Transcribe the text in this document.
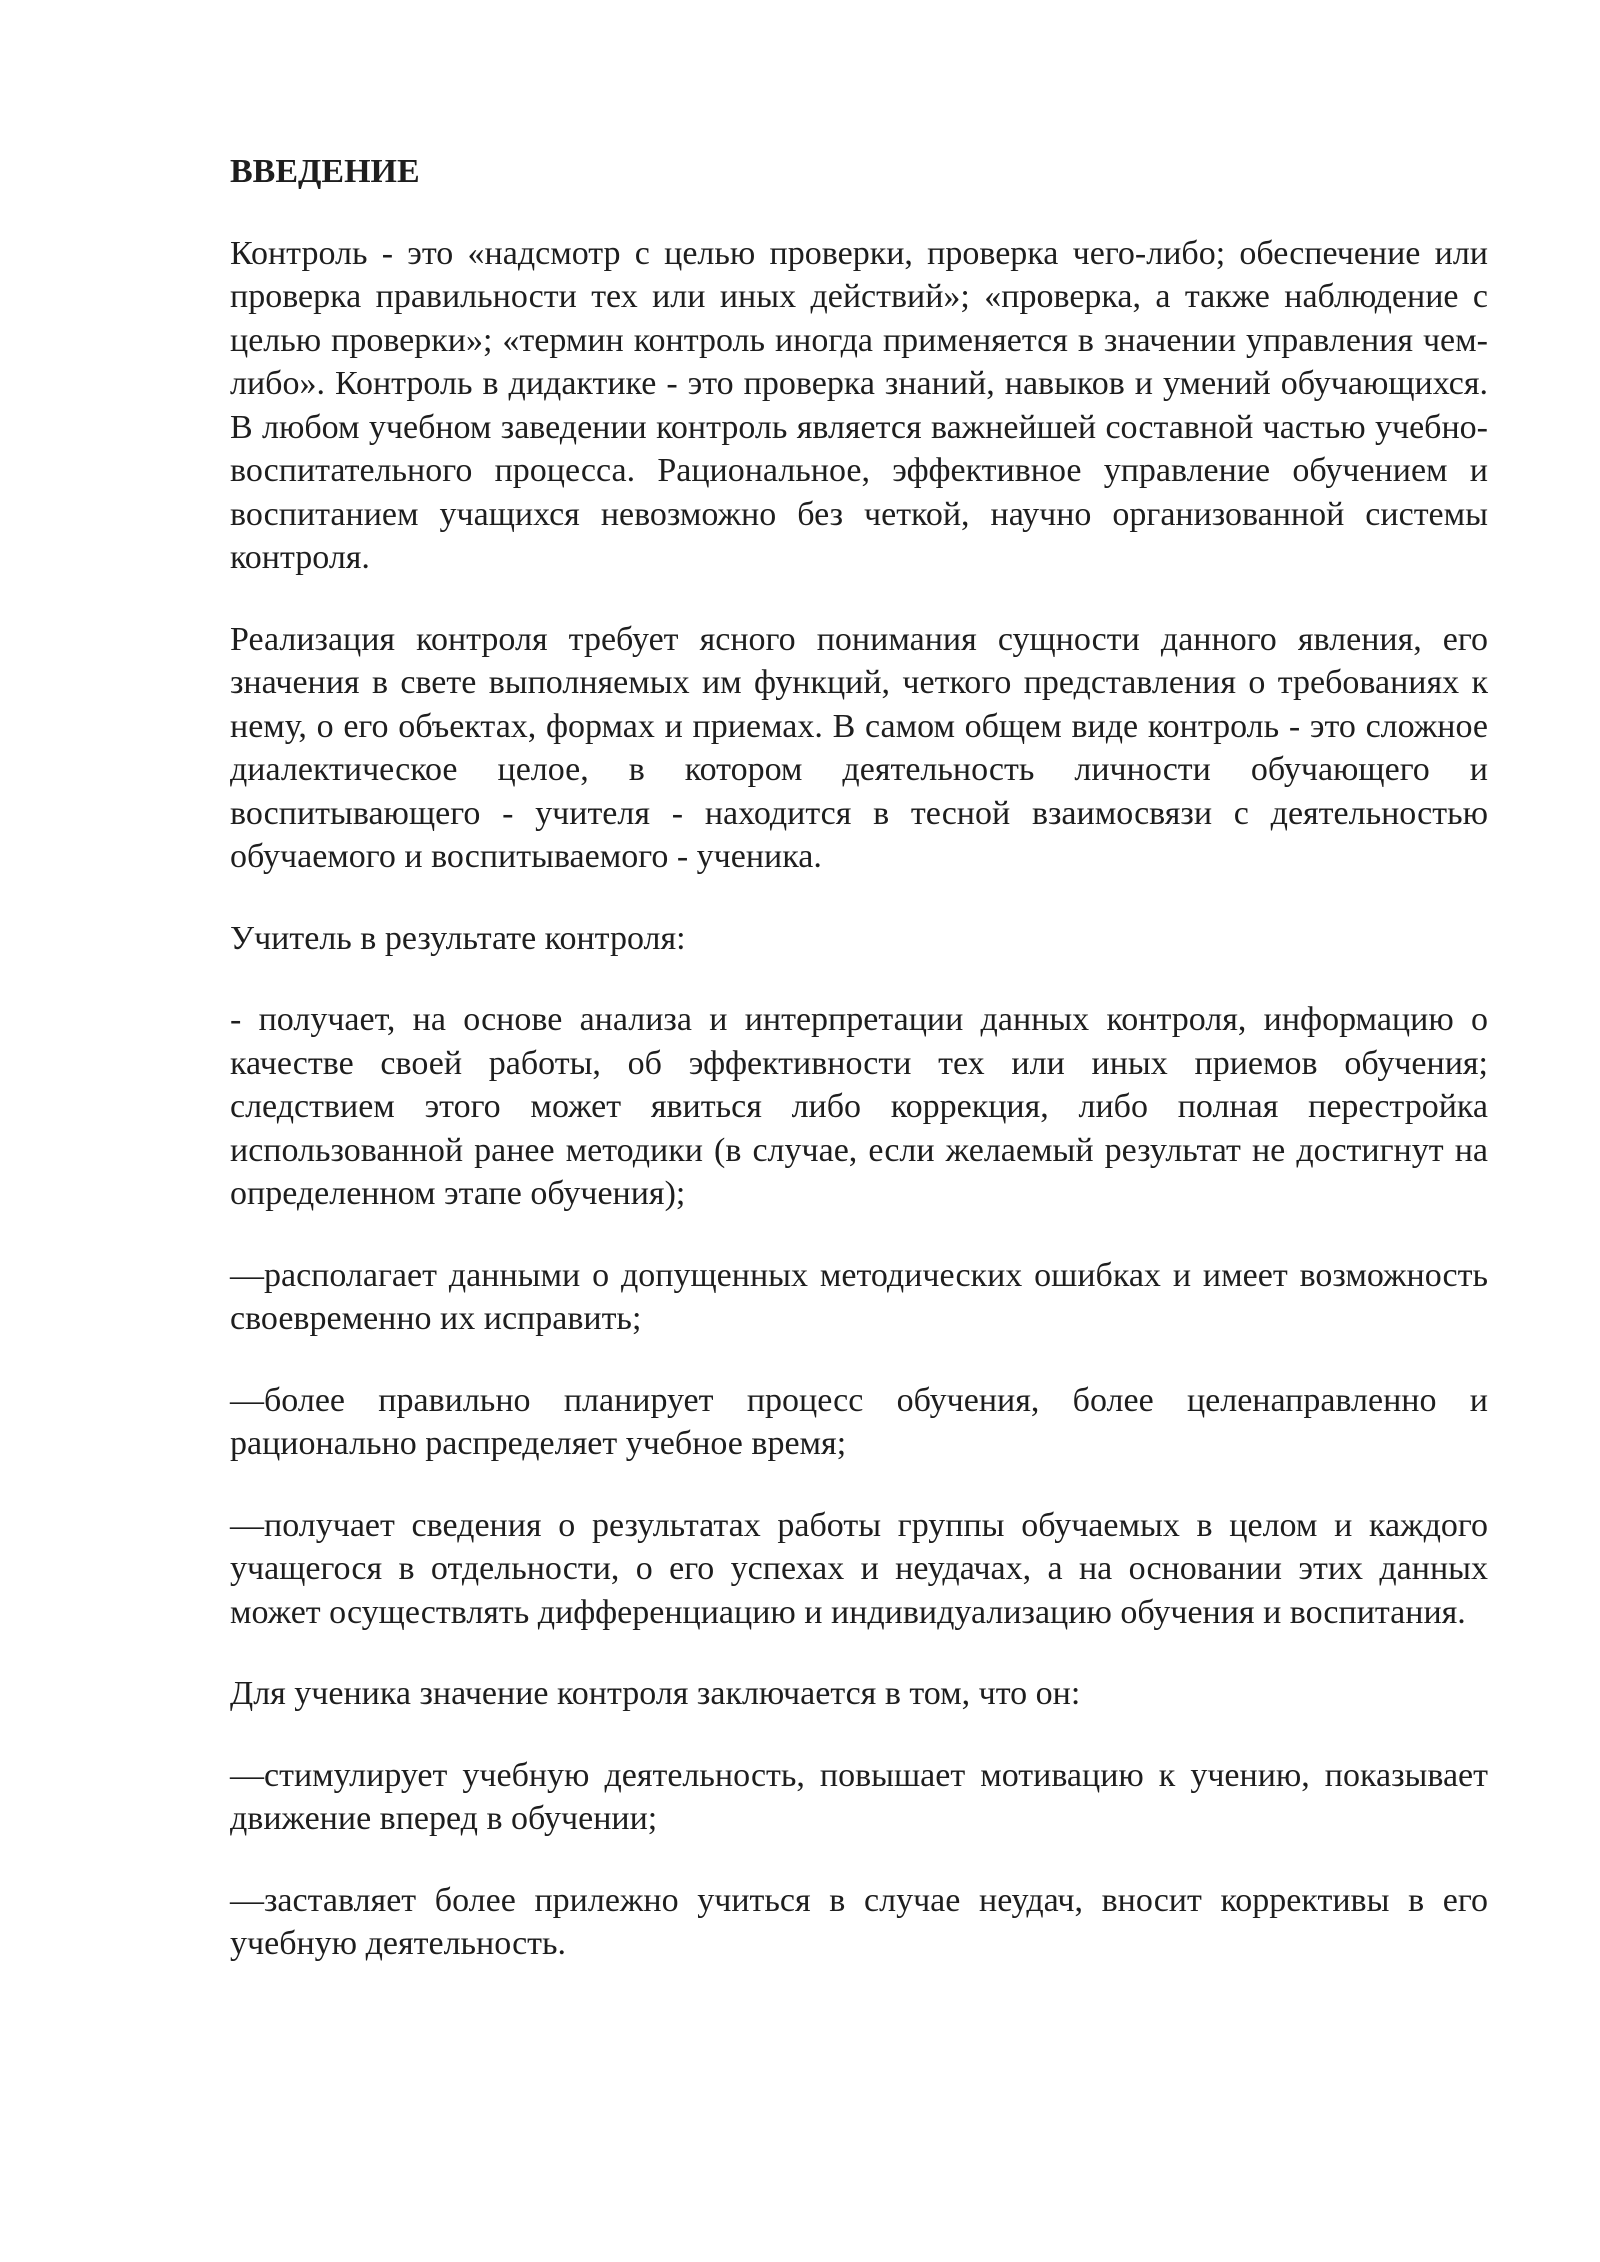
ВВЕДЕНИЕ

Контроль - это «надсмотр с целью проверки, проверка чего-либо; обеспечение или проверка правильности тех или иных действий»; «проверка, а также наблюдение с целью проверки»; «термин контроль иногда применяется в значении управления чем-либо». Контроль в дидактике - это проверка знаний, навыков и умений обучающихся. В любом учебном заведении контроль является важнейшей составной частью учебно-воспитательного процесса. Рациональное, эффективное управление обучением и воспитанием учащихся невозможно без четкой, научно организованной системы контроля.

Реализация контроля требует ясного понимания сущности данного явления, его значения в свете выполняемых им функций, четкого представления о требованиях к нему, о его объектах, формах и приемах. В самом общем виде контроль - это сложное диалектическое целое, в котором деятельность личности обучающего и воспитывающего - учителя - находится в тесной взаимосвязи с деятельностью обучаемого и воспитываемого - ученика.

Учитель в результате контроля:

- получает, на основе анализа и интерпретации данных контроля, информацию о качестве своей работы, об эффективности тех или иных приемов обучения; следствием этого может явиться либо коррекция, либо полная перестройка использованной ранее методики (в случае, если желаемый результат не достигнут на определенном этапе обучения);

—располагает данными о допущенных методических ошибках и имеет возможность своевременно их исправить;

—более правильно планирует процесс обучения, более целенаправленно и рационально распределяет учебное время;

—получает сведения о результатах работы группы обучаемых в целом и каждого учащегося в отдельности, о его успехах и неудачах, а на основании этих данных может осуществлять дифференциацию и индивидуализацию обучения и воспитания.

Для ученика значение контроля заключается в том, что он:

—стимулирует учебную деятельность, повышает мотивацию к учению, показывает движение вперед в обучении;

—заставляет более прилежно учиться в случае неудач, вносит коррективы в его учебную деятельность.
